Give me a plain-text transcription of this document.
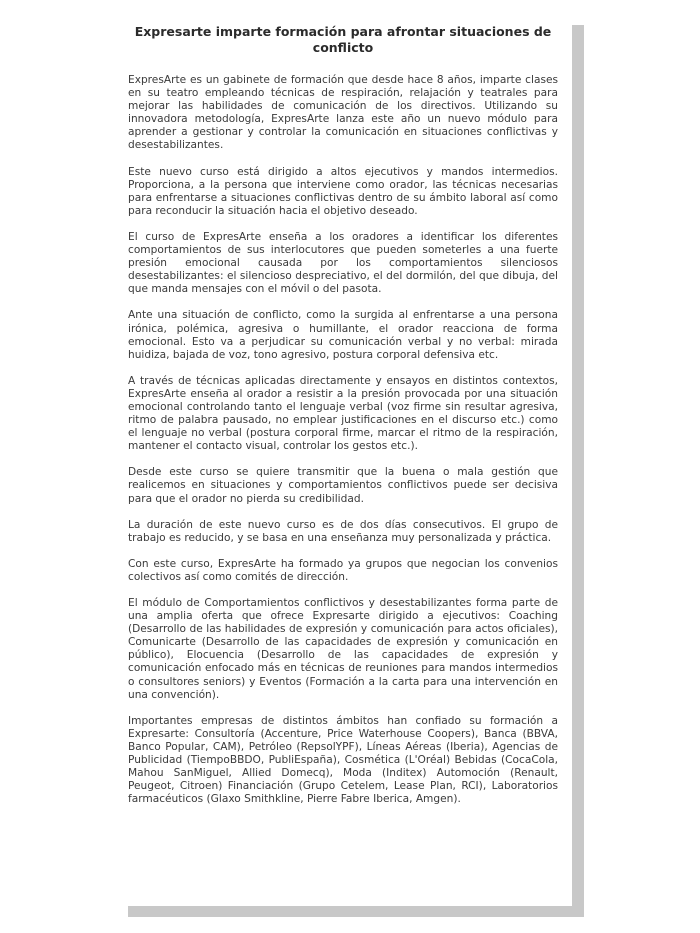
Expresarte imparte formación para afrontar situaciones de conflicto

ExpresArte es un gabinete de formación que desde hace 8 años, imparte clases en su teatro empleando técnicas de respiración, relajación y teatrales para mejorar las habilidades de comunicación de los directivos. Utilizando su innovadora metodología, ExpresArte lanza este año un nuevo módulo para aprender a gestionar y controlar la comunicación en situaciones conflictivas y desestabilizantes.

Este nuevo curso está dirigido a altos ejecutivos y mandos intermedios. Proporciona, a la persona que interviene como orador, las técnicas necesarias para enfrentarse a situaciones conflictivas dentro de su ámbito laboral así como para reconducir la situación hacia el objetivo deseado.

El curso de ExpresArte enseña a los oradores a identificar los diferentes comportamientos de sus interlocutores que pueden someterles a una fuerte presión emocional causada por los comportamientos silenciosos desestabilizantes: el silencioso despreciativo, el del dormilón, del que dibuja, del que manda mensajes con el móvil o del pasota.

Ante una situación de conflicto, como la surgida al enfrentarse a una persona irónica, polémica, agresiva o humillante, el orador reacciona de forma emocional. Esto va a perjudicar su comunicación verbal y no verbal: mirada huidiza, bajada de voz, tono agresivo, postura corporal defensiva etc.

A través de técnicas aplicadas directamente y ensayos en distintos contextos, ExpresArte enseña al orador a resistir a la presión provocada por una situación emocional controlando tanto el lenguaje verbal (voz firme sin resultar agresiva, ritmo de palabra pausado, no emplear justificaciones en el discurso etc.) como el lenguaje no verbal (postura corporal firme, marcar el ritmo de la respiración, mantener el contacto visual, controlar los gestos etc.).

Desde este curso se quiere transmitir que la buena o mala gestión que realicemos en situaciones y comportamientos conflictivos puede ser decisiva para que el orador no pierda su credibilidad.

La duración de este nuevo curso es de dos días consecutivos. El grupo de trabajo es reducido, y se basa en una enseñanza muy personalizada y práctica.

Con este curso, ExpresArte ha formado ya grupos que negocian los convenios colectivos así como comités de dirección.

El módulo de Comportamientos conflictivos y desestabilizantes forma parte de una amplia oferta que ofrece Expresarte dirigido a ejecutivos: Coaching (Desarrollo de las habilidades de expresión y comunicación para actos oficiales), Comunicarte (Desarrollo de las capacidades de expresión y comunicación en público), Elocuencia (Desarrollo de las capacidades de expresión y comunicación enfocado más en técnicas de reuniones para mandos intermedios o consultores seniors) y Eventos (Formación a la carta para una intervención en una convención).

Importantes empresas de distintos ámbitos han confiado su formación a Expresarte: Consultoría (Accenture, Price Waterhouse Coopers), Banca (BBVA, Banco Popular, CAM), Petróleo (RepsolYPF), Líneas Aéreas (Iberia), Agencias de Publicidad (TiempoBBDO, PubliEspaña), Cosmética (L'Oréal) Bebidas (CocaCola, Mahou SanMiguel, Allied Domecq), Moda (Inditex) Automoción (Renault, Peugeot, Citroen) Financiación (Grupo Cetelem, Lease Plan, RCI), Laboratorios farmacéuticos (Glaxo Smithkline, Pierre Fabre Iberica, Amgen).
